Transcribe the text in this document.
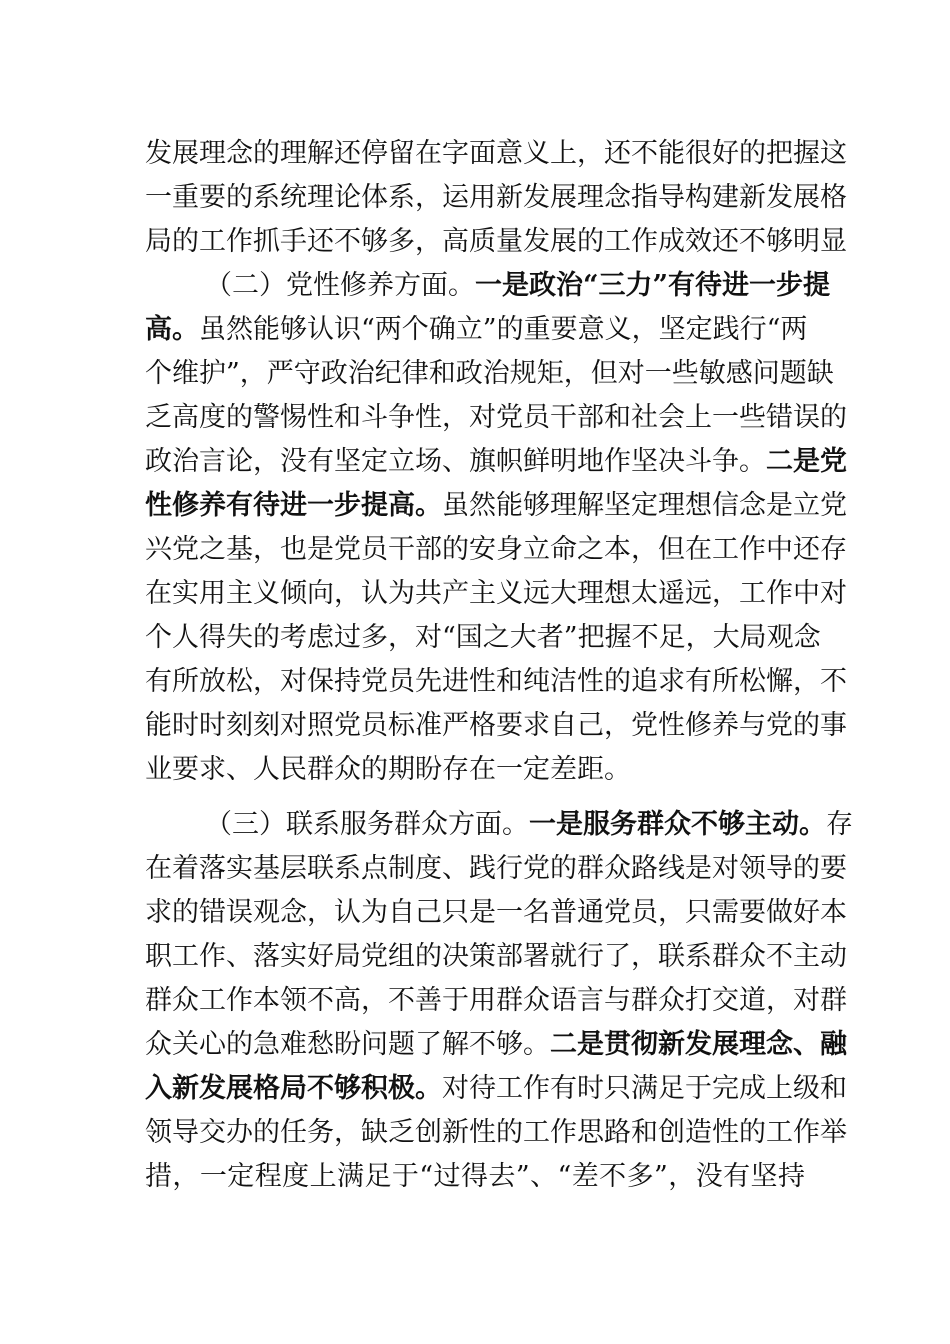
发展理念的理解还停留在字面意义上，还不能很好的把握这
一重要的系统理论体系，运用新发展理念指导构建新发展格
局的工作抓手还不够多，高质量发展的工作成效还不够明显
（二）党性修养方面。一是政治“三力”有待进一步提
高。虽然能够认识“两个确立”的重要意义，坚定践行“两
个维护”，严守政治纪律和政治规矩，但对一些敏感问题缺
乏高度的警惕性和斗争性，对党员干部和社会上一些错误的
政治言论，没有坚定立场、旗帜鲜明地作坚决斗争。二是党
性修养有待进一步提高。虽然能够理解坚定理想信念是立党
兴党之基，也是党员干部的安身立命之本，但在工作中还存
在实用主义倾向，认为共产主义远大理想太遥远，工作中对
个人得失的考虑过多，对“国之大者”把握不足，大局观念
有所放松，对保持党员先进性和纯洁性的追求有所松懈，不
能时时刻刻对照党员标准严格要求自己，党性修养与党的事
业要求、人民群众的期盼存在一定差距。
（三）联系服务群众方面。一是服务群众不够主动。存
在着落实基层联系点制度、践行党的群众路线是对领导的要
求的错误观念，认为自己只是一名普通党员，只需要做好本
职工作、落实好局党组的决策部署就行了，联系群众不主动
群众工作本领不高，不善于用群众语言与群众打交道，对群
众关心的急难愁盼问题了解不够。二是贯彻新发展理念、融
入新发展格局不够积极。对待工作有时只满足于完成上级和
领导交办的任务，缺乏创新性的工作思路和创造性的工作举
措，一定程度上满足于“过得去”、“差不多”，没有坚持
